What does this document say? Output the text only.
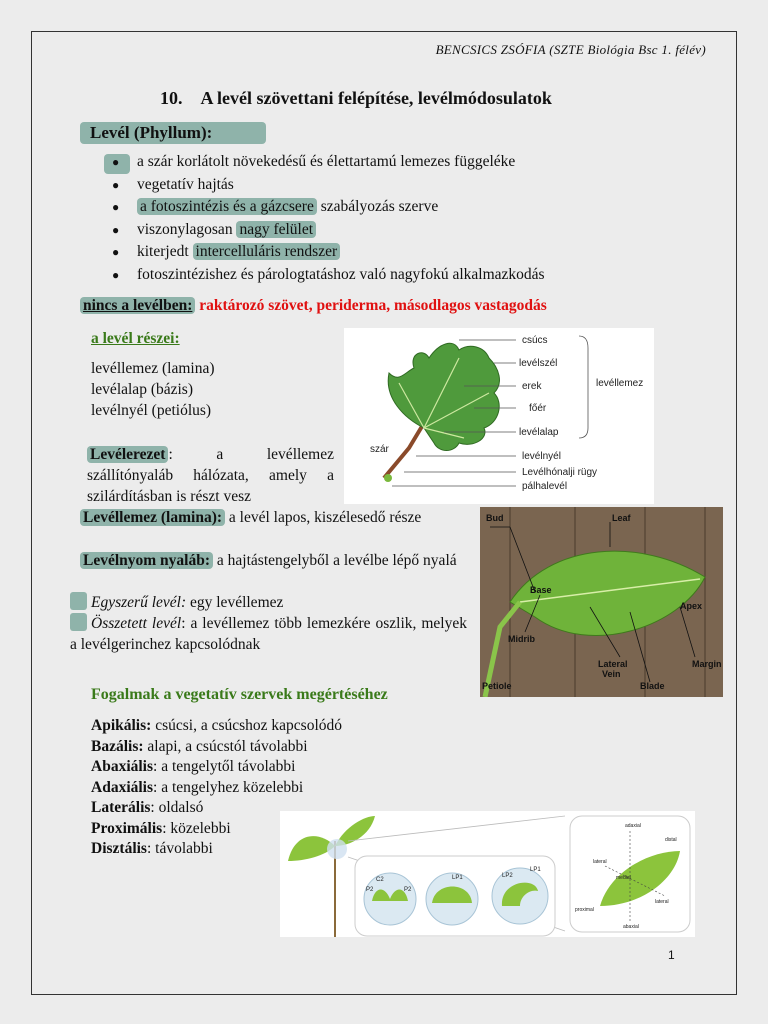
BENCSICS ZSÓFIA (SZTE Biológia Bsc 1. félév)
10. A levél szövettani felépítése, levélmódosulatok
Levél (Phyllum):
● a szár korlátolt növekedésű és élettartamú lemezes függeléke
● vegetatív hajtás
● a fotoszintézis és a gázcsere szabályozás szerve
● viszonylagosan nagy felület
● kiterjedt intercelluláris rendszer
● fotoszintézishez és párologtatáshoz való nagyfokú alkalmazkodás
nincs a levélben: raktározó szövet, periderma, másodlagos vastagodás
a levél részei:
levéllemez (lamina)
levélalap (bázis)
levélnyél (petiólus)
Levélerezet : a levéllemez szállítónyaláb hálózata, amely a szilárdításban is részt vesz
Levéllemez (lamina): a levél lapos, kiszélesedő része
Levélnyom nyaláb: a hajtástengelyből a levélbe lépő nyalá
Egyszerű levél: egy levéllemez
Összetett levél: a levéllemez több lemezkére oszlik, melyek a levélgerinchez kapcsolódnak
Fogalmak a vegetatív szervek megértéséhez
Apikális: csúcsi, a csúcshoz kapcsolódó
Bazális: alapi, a csúcstól távolabbi
Abaxiális: a tengelytől távolabbi
Adaxiális: a tengelyhez közelebbi
Laterális: oldalsó
Proximális: közelebbi
Disztális: távolabbi
csúcs
levélszél
erek
főér
levélalap
levélnyél
Levélhónalji rügy
pálhalevél
szár
levéllemez
Bud	Leaf
Base
Apex
Midrib
Lateral
Vein
Margin
Petiole	Blade
C2
P2	P2
LP1	LP2
LP1
adaxial
distal
lateral
medial
lateral
proximal
abaxial
1
